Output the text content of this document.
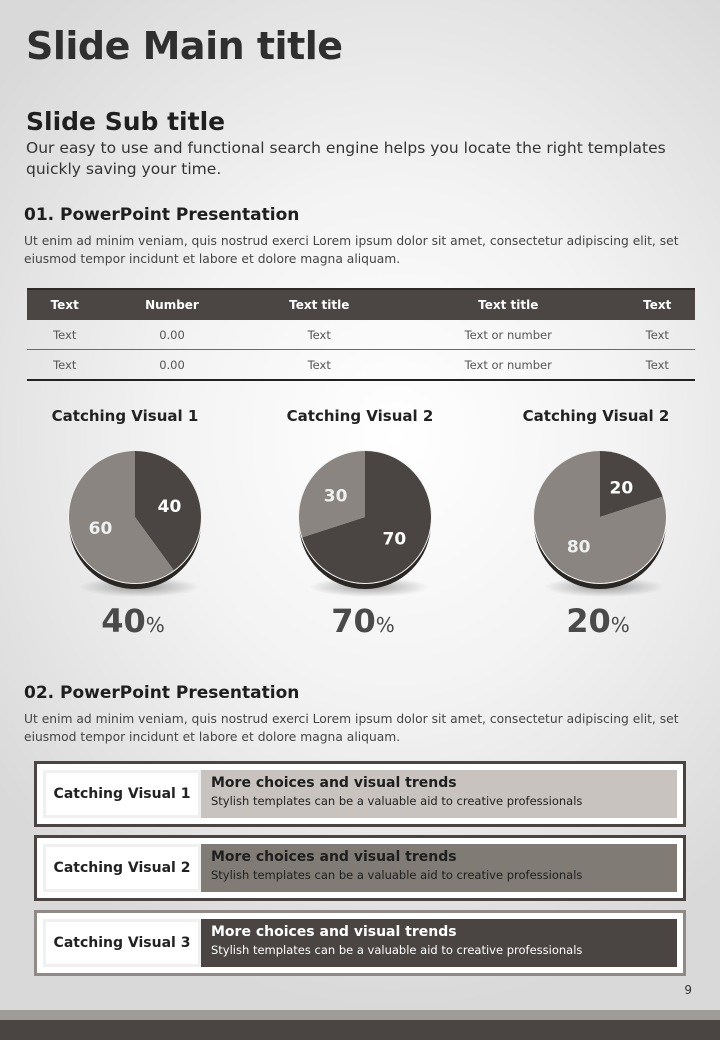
Slide Main title
Slide Sub title
Our easy to use and functional search engine helps you locate the right templates quickly saving your time.
01. PowerPoint Presentation
Ut enim ad minim veniam, quis nostrud exerci Lorem ipsum dolor sit amet, consectetur adipiscing elit, set eiusmod tempor incidunt et labore et dolore magna aliquam.
Text	Number	Text title	Text title	Text
Text	0.00	Text	Text or number	Text
Text	0.00	Text	Text or number	Text
Catching Visual 1	Catching Visual 2	Catching Visual 2
40
60
70
30	20
80
40%	70%	20%
02. PowerPoint Presentation
Ut enim ad minim veniam, quis nostrud exerci Lorem ipsum dolor sit amet, consectetur adipiscing elit, set eiusmod tempor incidunt et labore et dolore magna aliquam.
Catching Visual 1
More choices and visual trends
Stylish templates can be a valuable aid to creative professionals
Catching Visual 2
More choices and visual trends
Stylish templates can be a valuable aid to creative professionals
Catching Visual 3
More choices and visual trends
Stylish templates can be a valuable aid to creative professionals
9
